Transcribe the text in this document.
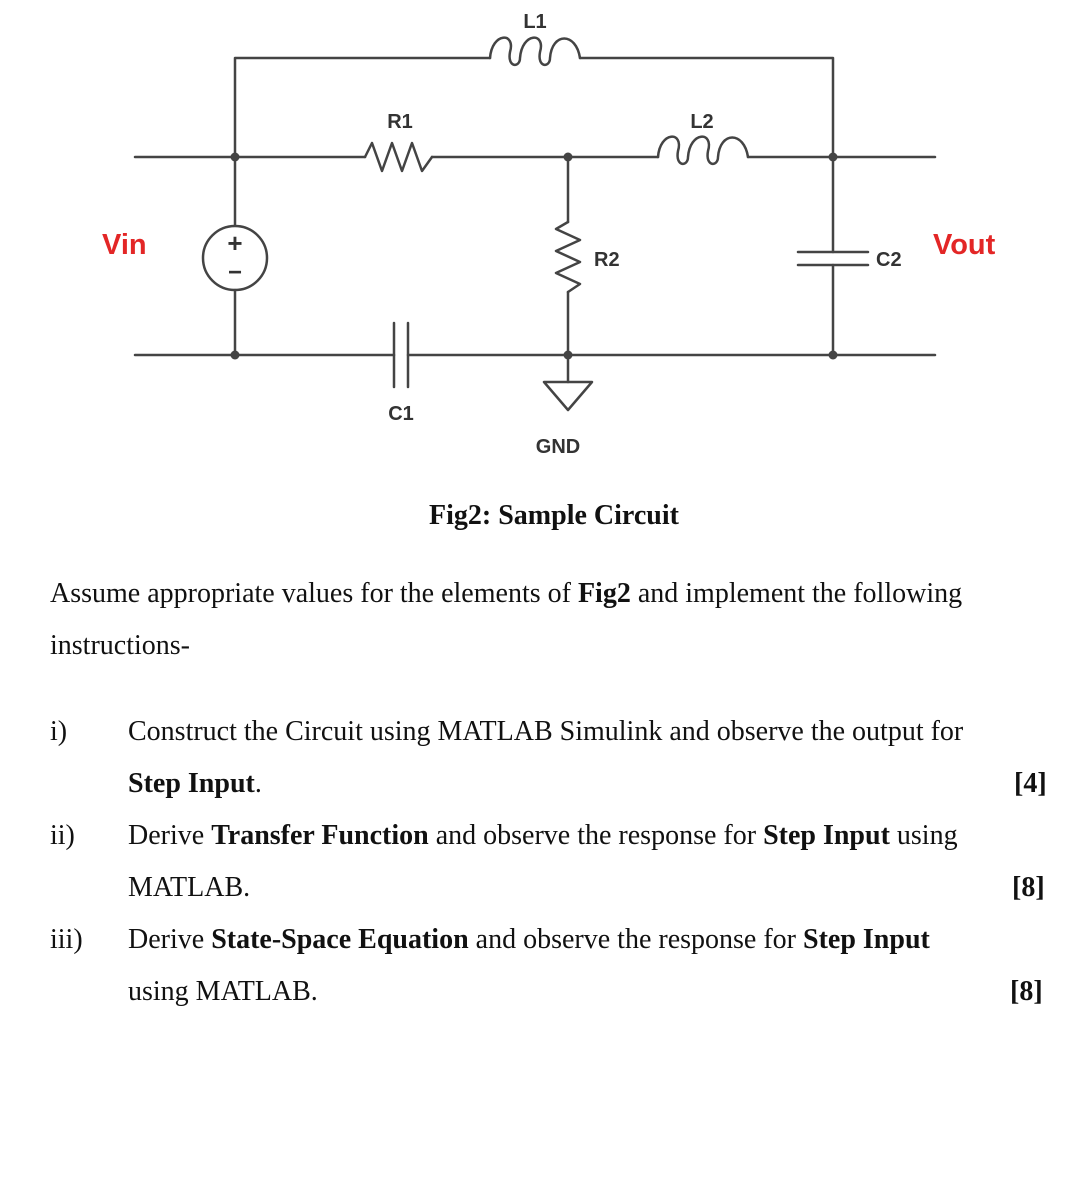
+
−
L1
R1	L2
R2	C2
C1
GND
Vin	Vout
Fig2: Sample Circuit
Assume appropriate values for the elements of Fig2 and implement the following
instructions-
i) Construct the Circuit using MATLAB Simulink and observe the output for
Step Input.	[4]
ii) Derive Transfer Function and observe the response for Step Input using
MATLAB.	[8]
iii) Derive State-Space Equation and observe the response for Step Input
using MATLAB.	[8]
